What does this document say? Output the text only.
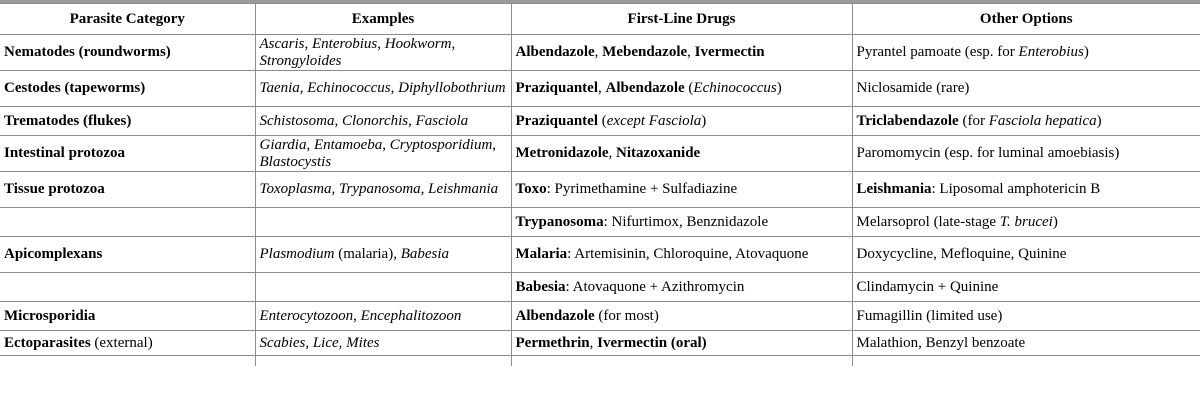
Parasite Category	Examples	First-Line Drugs	Other Options
Nematodes (roundworms)	Ascaris, Enterobius, Hookworm, Strongyloides	Albendazole, Mebendazole, Ivermectin	Pyrantel pamoate (esp. for Enterobius)
Cestodes (tapeworms)	Taenia, Echinococcus, Diphyllobothrium	Praziquantel, Albendazole (Echinococcus)	Niclosamide (rare)
Trematodes (flukes)	Schistosoma, Clonorchis, Fasciola	Praziquantel (except Fasciola)	Triclabendazole (for Fasciola hepatica)
Intestinal protozoa	Giardia, Entamoeba, Cryptosporidium, Blastocystis	Metronidazole, Nitazoxanide	Paromomycin (esp. for luminal amoebiasis)
Tissue protozoa	Toxoplasma, Trypanosoma, Leishmania	Toxo: Pyrimethamine + Sulfadiazine	Leishmania: Liposomal amphotericin B
		Trypanosoma: Nifurtimox, Benznidazole	Melarsoprol (late-stage T. brucei)
Apicomplexans	Plasmodium (malaria), Babesia	Malaria: Artemisinin, Chloroquine, Atovaquone	Doxycycline, Mefloquine, Quinine
		Babesia: Atovaquone + Azithromycin	Clindamycin + Quinine
Microsporidia	Enterocytozoon, Encephalitozoon	Albendazole (for most)	Fumagillin (limited use)
Ectoparasites (external)	Scabies, Lice, Mites	Permethrin, Ivermectin (oral)	Malathion, Benzyl benzoate
